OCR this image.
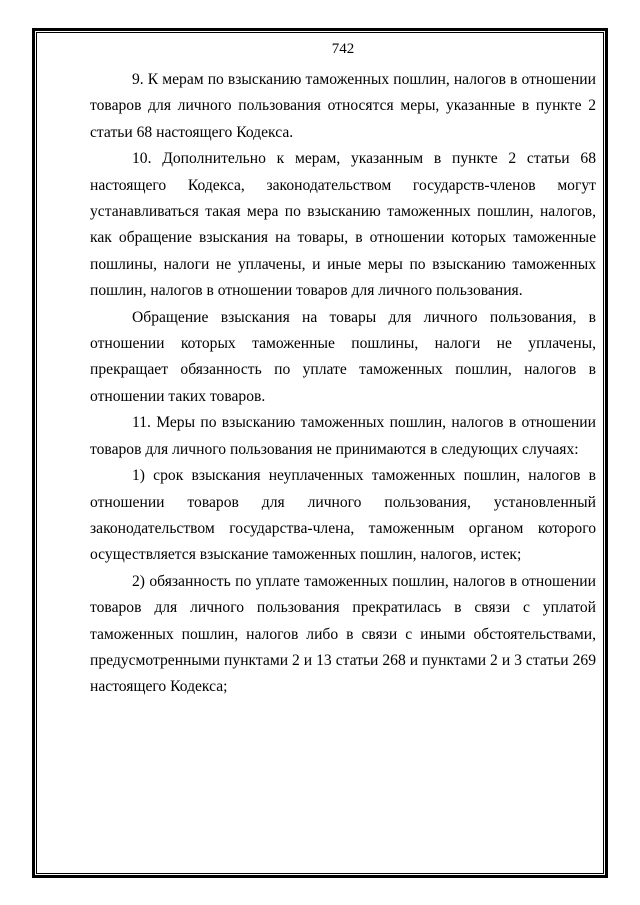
742

9. К мерам по взысканию таможенных пошлин, налогов в отношении товаров для личного пользования относятся меры, указанные в пункте 2 статьи 68 настоящего Кодекса.

10. Дополнительно к мерам, указанным в пункте 2 статьи 68 настоящего Кодекса, законодательством государств-членов могут устанавливаться такая мера по взысканию таможенных пошлин, налогов, как обращение взыскания на товары, в отношении которых таможенные пошлины, налоги не уплачены, и иные меры по взысканию таможенных пошлин, налогов в отношении товаров для личного пользования.

Обращение взыскания на товары для личного пользования, в отношении которых таможенные пошлины, налоги не уплачены, прекращает обязанность по уплате таможенных пошлин, налогов в отношении таких товаров.

11. Меры по взысканию таможенных пошлин, налогов в отношении товаров для личного пользования не принимаются в следующих случаях:

1) срок взыскания неуплаченных таможенных пошлин, налогов в отношении товаров для личного пользования, установленный законодательством государства-члена, таможенным органом которого осуществляется взыскание таможенных пошлин, налогов, истек;

2) обязанность по уплате таможенных пошлин, налогов в отношении товаров для личного пользования прекратилась в связи с уплатой таможенных пошлин, налогов либо в связи с иными обстоятельствами, предусмотренными пунктами 2 и 13 статьи 268 и пунктами 2 и 3 статьи 269 настоящего Кодекса;
